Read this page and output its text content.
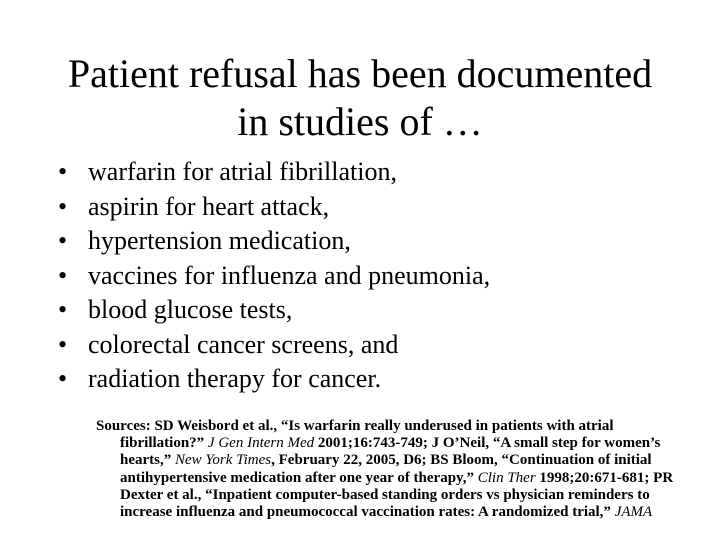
Patient refusal has been documented
in studies of …
• warfarin for atrial fibrillation,
• aspirin for heart attack,
• hypertension medication,
• vaccines for influenza and pneumonia,
• blood glucose tests,
• colorectal cancer screens, and
• radiation therapy for cancer.

Sources: SD Weisbord et al., “Is warfarin really underused in patients with atrial fibrillation?” J Gen Intern Med 2001;16:743-749; J O’Neil, “A small step for women’s hearts,” New York Times, February 22, 2005, D6; BS Bloom, “Continuation of initial antihypertensive medication after one year of therapy,” Clin Ther 1998;20:671-681; PR Dexter et al., “Inpatient computer-based standing orders vs physician reminders to increase influenza and pneumococcal vaccination rates: A randomized trial,” JAMA
